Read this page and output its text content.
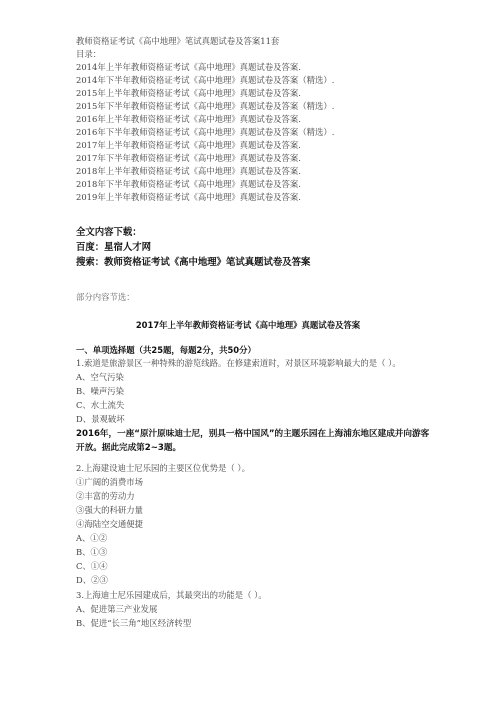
教师资格证考试《高中地理》笔试真题试卷及答案11套
目录：
2014年上半年教师资格证考试《高中地理》真题试卷及答案.
2014年下半年教师资格证考试《高中地理》真题试卷及答案（精选）.
2015年上半年教师资格证考试《高中地理》真题试卷及答案.
2015年下半年教师资格证考试《高中地理》真题试卷及答案（精选）.
2016年上半年教师资格证考试《高中地理》真题试卷及答案.
2016年下半年教师资格证考试《高中地理》真题试卷及答案（精选）.
2017年上半年教师资格证考试《高中地理》真题试卷及答案.
2017年下半年教师资格证考试《高中地理》真题试卷及答案.
2018年上半年教师资格证考试《高中地理》真题试卷及答案.
2018年下半年教师资格证考试《高中地理》真题试卷及答案.
2019年上半年教师资格证考试《高中地理》真题试卷及答案.
全文内容下载：
百度：星宿人才网
搜索：教师资格证考试《高中地理》笔试真题试卷及答案
部分内容节选：
2017年上半年教师资格证考试《高中地理》真题试卷及答案
一、单项选择题（共25题，每题2分，共50分）
1.索道是旅游景区一种特殊的游览线路。在修建索道时，对景区环境影响最大的是（ ）。
A、空气污染
B、噪声污染
C、水土流失
D、景观破坏
2016年，一座“原汁原味迪士尼，别具一格中国风”的主题乐园在上海浦东地区建成并向游客开放。据此完成第2~3题。
2.上海建设迪士尼乐园的主要区位优势是（ ）。
①广阔的消费市场
②丰富的劳动力
③强大的科研力量
④海陆空交通便捷
A、①②
B、①③
C、①④
D、②③
3.上海迪士尼乐园建成后，其最突出的功能是（ ）。
A、促进第三产业发展
B、促进“长三角”地区经济转型
